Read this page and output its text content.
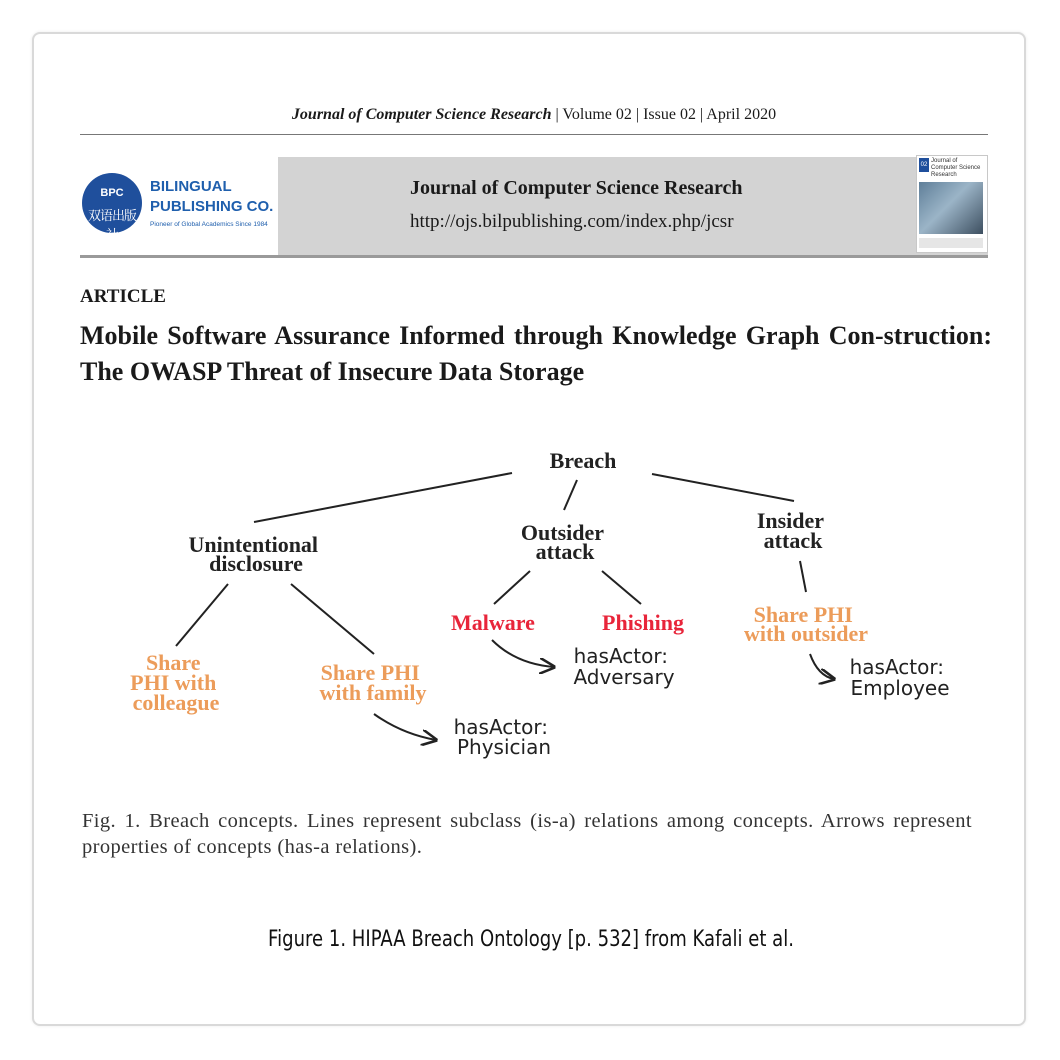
Journal of Computer Science Research | Volume 02 | Issue 02 | April 2020
BPC
双语出版社
BILINGUAL
PUBLISHING CO.
Pioneer of Global Academics Since 1984
Journal of Computer Science Research
http://ojs.bilpublishing.com/index.php/jcsr
02
Journal of Computer Science Research
ARTICLE
Mobile Software Assurance Informed through Knowledge Graph Con-struction: The OWASP Threat of Insecure Data Storage
Breach
Unintentional disclosure
Outsider attack
Insider attack
Malware	Phishing
Share PHI with colleague
Share PHI with family
Share PHI with outsider
hasActor: Physician
hasActor: Adversary	hasActor: Employee
Fig. 1. Breach concepts. Lines represent subclass (is-a) relations among concepts. Arrows represent properties of concepts (has-a relations).
Figure 1. HIPAA Breach Ontology [p. 532] from Kafali et al.
